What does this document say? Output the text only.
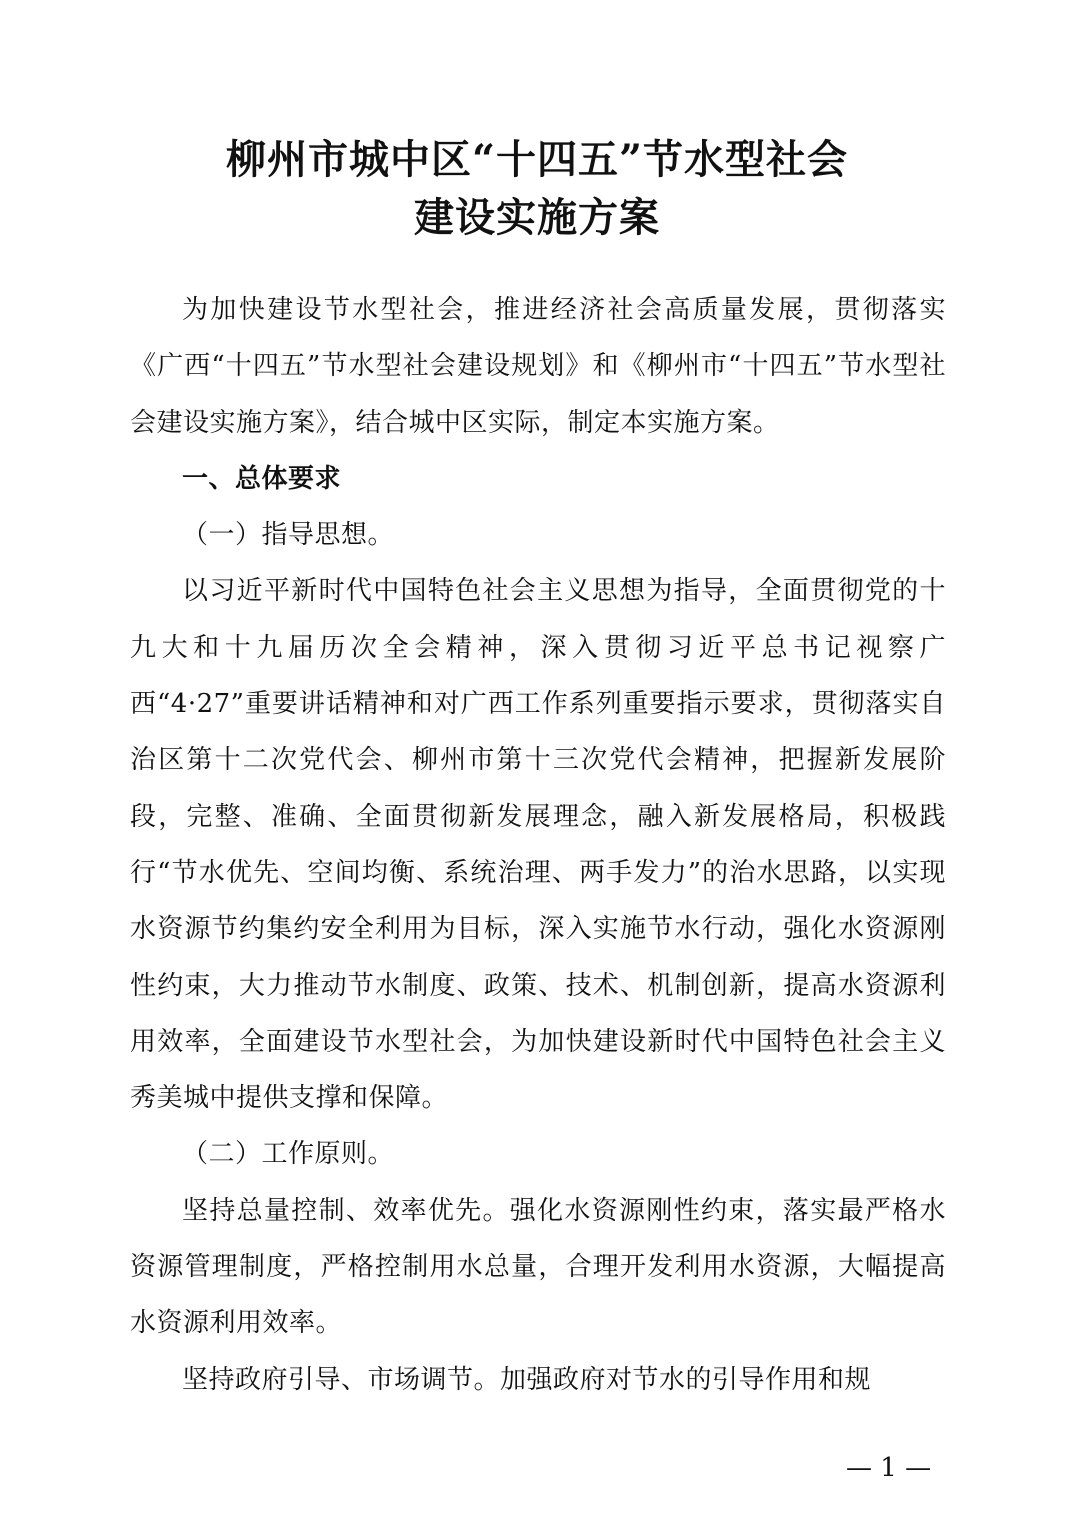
柳州市城中区“十四五”节水型社会
建设实施方案

为加快建设节水型社会，推进经济社会高质量发展，贯彻落实《广西“十四五”节水型社会建设规划》和《柳州市“十四五”节水型社会建设实施方案》，结合城中区实际，制定本实施方案。

一、总体要求

（一）指导思想。

以习近平新时代中国特色社会主义思想为指导，全面贯彻党的十九大和十九届历次全会精神，深入贯彻习近平总书记视察广西“4·27”重要讲话精神和对广西工作系列重要指示要求，贯彻落实自治区第十二次党代会、柳州市第十三次党代会精神，把握新发展阶段，完整、准确、全面贯彻新发展理念，融入新发展格局，积极践行“节水优先、空间均衡、系统治理、两手发力”的治水思路，以实现水资源节约集约安全利用为目标，深入实施节水行动，强化水资源刚性约束，大力推动节水制度、政策、技术、机制创新，提高水资源利用效率，全面建设节水型社会，为加快建设新时代中国特色社会主义秀美城中提供支撑和保障。

（二）工作原则。

坚持总量控制、效率优先。强化水资源刚性约束，落实最严格水资源管理制度，严格控制用水总量，合理开发利用水资源，大幅提高水资源利用效率。

坚持政府引导、市场调节。加强政府对节水的引导作用和规

— 1 —
